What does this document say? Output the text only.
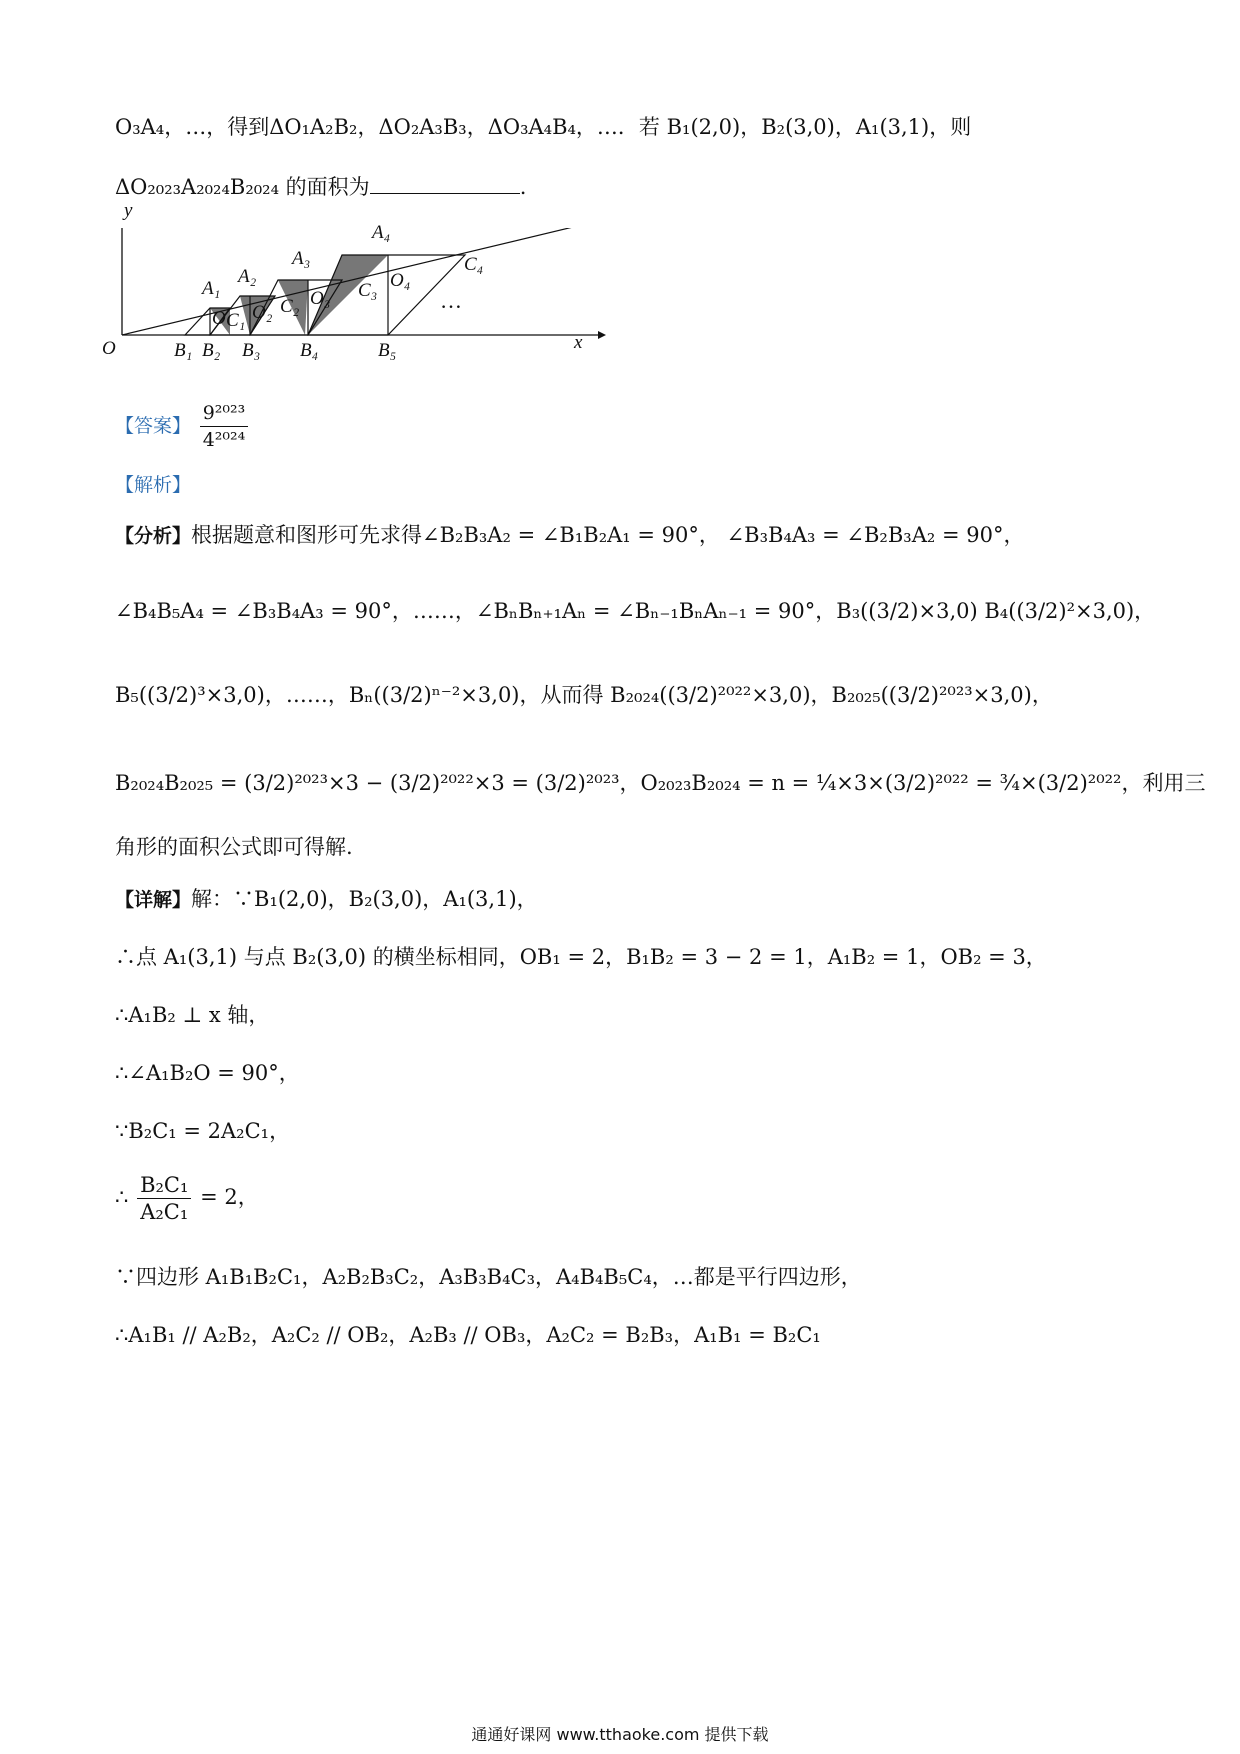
O₃A₄，…，得到ΔO₁A₂B₂，ΔO₂A₃B₃，ΔO₃A₄B₄，…．若 B₁(2,0)，B₂(3,0)，A₁(3,1)，则
ΔO₂₀₂₃A₂₀₂₄B₂₀₂₄ 的面积为	.
y
x
O
A₁
A₂
A₃
A₄
B₁ B₂ B₃ B₄	B₅
C₁
C₂
C₃
C₄
O O₂
O₃
O₄
…
【答案】 $\frac{\text{9²⁰²³}}{\text{4²⁰²⁴}}$
【解析】
【分析】根据题意和图形可先求得∠B₂B₃A₂ = ∠B₁B₂A₁ = 90°， ∠B₃B₄A₃ = ∠B₂B₃A₂ = 90°，
∠B₄B₅A₄ = ∠B₃B₄A₃ = 90°，……，∠BₙBₙ₊₁Aₙ = ∠Bₙ₋₁BₙAₙ₋₁ = 90°，B₃((3/2)×3,0) B₄((3/2)²×3,0)，
B₅((3/2)³×3,0)，……，Bₙ((3/2)ⁿ⁻²×3,0)，从而得 B₂₀₂₄((3/2)²⁰²²×3,0)，B₂₀₂₅((3/2)²⁰²³×3,0)，
B₂₀₂₄B₂₀₂₅ = (3/2)²⁰²³×3 − (3/2)²⁰²²×3 = (3/2)²⁰²³，O₂₀₂₃B₂₀₂₄ = n = ¼×3×(3/2)²⁰²² = ¾×(3/2)²⁰²²，利用三
角形的面积公式即可得解.
【详解】解：∵B₁(2,0)，B₂(3,0)，A₁(3,1)，
∴点 A₁(3,1) 与点 B₂(3,0) 的横坐标相同，OB₁ = 2，B₁B₂ = 3 − 2 = 1，A₁B₂ = 1，OB₂ = 3，
∴A₁B₂ ⊥ x 轴，
∴∠A₁B₂O = 90°，
∵B₂C₁ = 2A₂C₁，
∴ $\frac{\text{B₂C₁}}{\text{A₂C₁}} = 2$，
∵四边形 A₁B₁B₂C₁，A₂B₂B₃C₂，A₃B₃B₄C₃，A₄B₄B₅C₄，…都是平行四边形，
∴A₁B₁ // A₂B₂，A₂C₂ // OB₂，A₂B₃ // OB₃，A₂C₂ = B₂B₃，A₁B₁ = B₂C₁
通通好课网 www.tthaoke.com 提供下载
